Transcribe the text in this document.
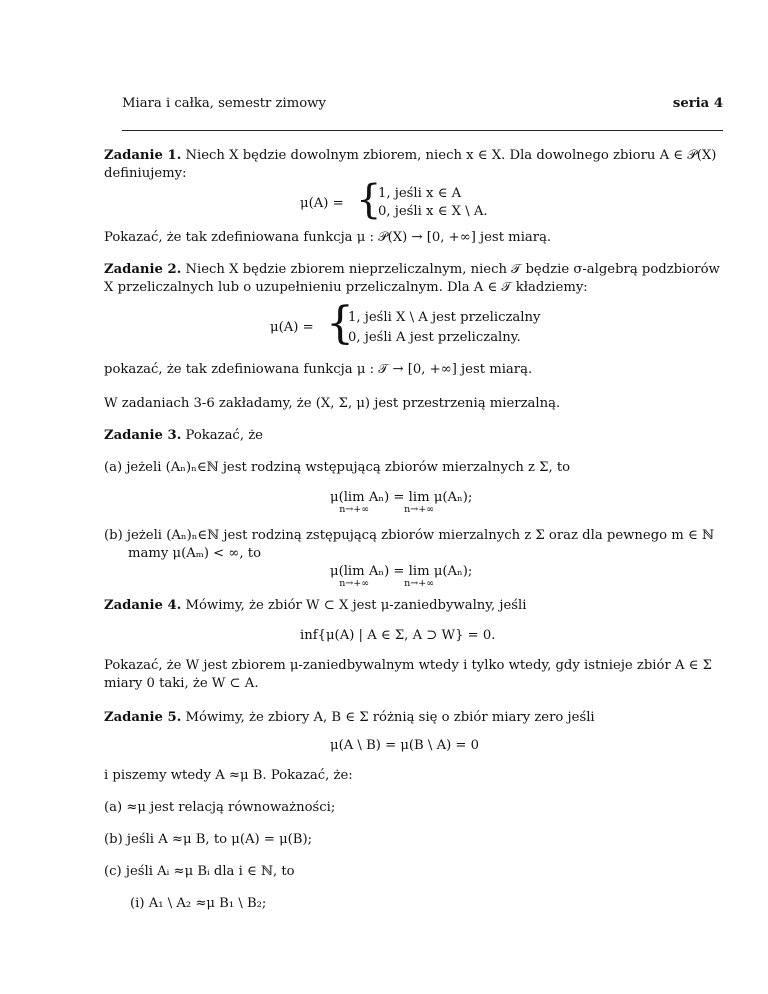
Miara i całka, semestr zimowy	seria 4
Zadanie 1. Niech X będzie dowolnym zbiorem, niech x ∈ X. Dla dowolnego zbioru A ∈ 𝒫(X)
definiujemy:
μ(A) = {
1, jeśli x ∈ A
0, jeśli x ∈ X \ A.
Pokazać, że tak zdefiniowana funkcja μ : 𝒫(X) → [0, +∞] jest miarą.
Zadanie 2. Niech X będzie zbiorem nieprzeliczalnym, niech 𝒯 będzie σ-algebrą podzbiorów
X przeliczalnych lub o uzupełnieniu przeliczalnym. Dla A ∈ 𝒯 kładziemy:
μ(A) = {
1, jeśli X \ A jest przeliczalny
0, jeśli A jest przeliczalny.
pokazać, że tak zdefiniowana funkcja μ : 𝒯 → [0, +∞] jest miarą.
W zadaniach 3-6 zakładamy, że (X, Σ, μ) jest przestrzenią mierzalną.
Zadanie 3. Pokazać, że
(a) jeżeli (Aₙ)ₙ∈ℕ jest rodziną wstępującą zbiorów mierzalnych z Σ, to
μ(lim
n→+∞
Aₙ) = lim
n→+∞
μ(Aₙ);
(b) jeżeli (Aₙ)ₙ∈ℕ jest rodziną zstępującą zbiorów mierzalnych z Σ oraz dla pewnego m ∈ ℕ
mamy μ(Aₘ) < ∞, to
μ(lim
n→+∞
Aₙ) = lim
n→+∞
μ(Aₙ);
Zadanie 4. Mówimy, że zbiór W ⊂ X jest μ-zaniedbywalny, jeśli
inf{μ(A) | A ∈ Σ, A ⊃ W} = 0.
Pokazać, że W jest zbiorem μ-zaniedbywalnym wtedy i tylko wtedy, gdy istnieje zbiór A ∈ Σ
miary 0 taki, że W ⊂ A.
Zadanie 5. Mówimy, że zbiory A, B ∈ Σ różnią się o zbiór miary zero jeśli
μ(A \ B) = μ(B \ A) = 0
i piszemy wtedy A ≈μ B. Pokazać, że:
(a) ≈μ jest relacją równoważności;
(b) jeśli A ≈μ B, to μ(A) = μ(B);
(c) jeśli Aᵢ ≈μ Bᵢ dla i ∈ ℕ, to
(i) A₁ \ A₂ ≈μ B₁ \ B₂;
